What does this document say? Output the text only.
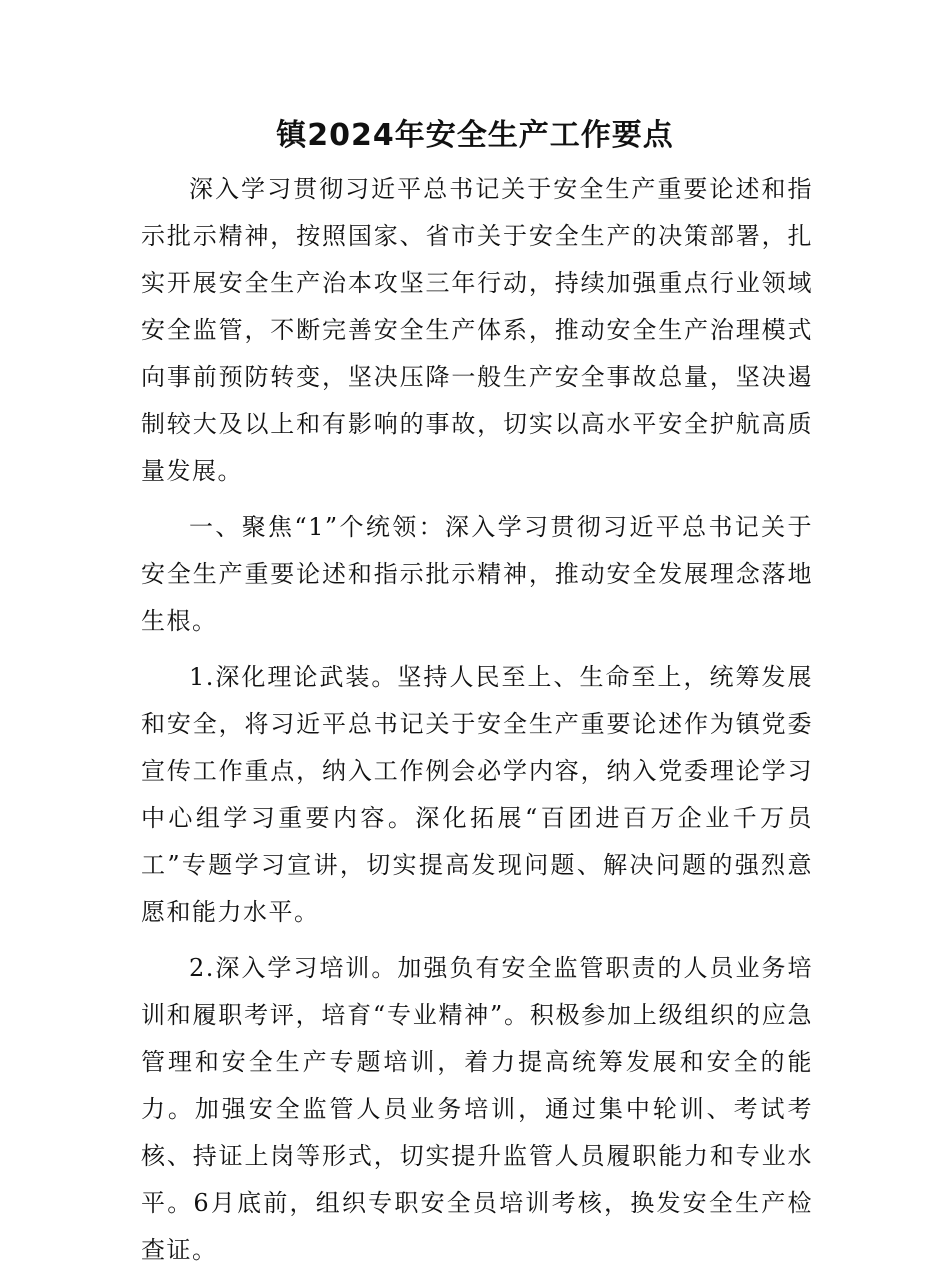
镇2024年安全生产工作要点

深入学习贯彻习近平总书记关于安全生产重要论述和指示批示精神，按照国家、省市关于安全生产的决策部署，扎实开展安全生产治本攻坚三年行动，持续加强重点行业领域安全监管，不断完善安全生产体系，推动安全生产治理模式向事前预防转变，坚决压降一般生产安全事故总量，坚决遏制较大及以上和有影响的事故，切实以高水平安全护航高质量发展。

一、聚焦“1”个统领：深入学习贯彻习近平总书记关于安全生产重要论述和指示批示精神，推动安全发展理念落地生根。

1.深化理论武装。坚持人民至上、生命至上，统筹发展和安全，将习近平总书记关于安全生产重要论述作为镇党委宣传工作重点，纳入工作例会必学内容，纳入党委理论学习中心组学习重要内容。深化拓展“百团进百万企业千万员工”专题学习宣讲，切实提高发现问题、解决问题的强烈意愿和能力水平。

2.深入学习培训。加强负有安全监管职责的人员业务培训和履职考评，培育“专业精神”。积极参加上级组织的应急管理和安全生产专题培训，着力提高统筹发展和安全的能力。加强安全监管人员业务培训，通过集中轮训、考试考核、持证上岗等形式，切实提升监管人员履职能力和专业水平。6月底前，组织专职安全员培训考核，换发安全生产检查证。
